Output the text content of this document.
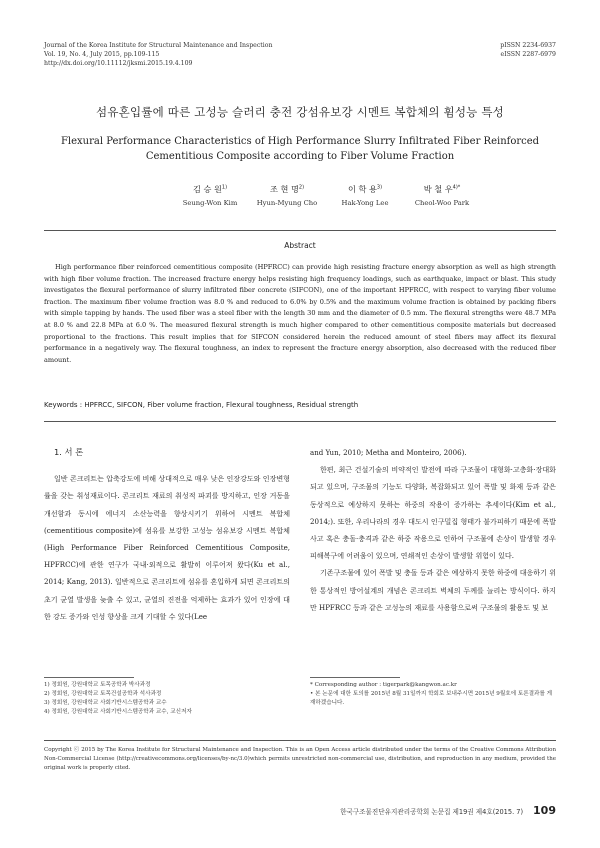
Journal of the Korea Institute for Structural Maintenance and Inspection
Vol. 19, No. 4, July 2015, pp.109-115
http://dx.doi.org/10.11112/jksmi.2015.19.4.109
pISSN 2234-6937
eISSN 2287-6979
섬유혼입률에 따른 고성능 슬러리 충전 강섬유보강 시멘트 복합체의 휨성능 특성
Flexural Performance Characteristics of High Performance Slurry Infiltrated Fiber Reinforced Cementitious Composite according to Fiber Volume Fraction
김 승 원$^{1)}$
Seung-Won Kim
조 현 명$^{2)}$
Hyun-Myung Cho
이 학 용$^{3)}$
Hak-Yong Lee
박 철 우$^{4)*}$
Cheol-Woo Park
Abstract
High performance fiber reinforced cementitious composite (HPFRCC) can provide high resisting fracture energy absorption as well as high strength with high fiber volume fraction. The increased fracture energy helps resisting high frequency loadings, such as earthquake, impact or blast. This study investigates the flexural performance of slurry infiltrated fiber concrete (SIFCON), one of the important HPFRCC, with respect to varying fiber volume fraction. The maximum fiber volume fraction was 8.0 % and reduced to 6.0% by 0.5% and the maximum volume fraction is obtained by packing fibers with simple tapping by hands. The used fiber was a steel fiber with the length 30 mm and the diameter of 0.5 mm. The flexural strengths were 48.7 MPa at 8.0 % and 22.8 MPa at 6.0 %. The measured flexural strength is much higher compared to other cementitious composite materials but decreased proportional to the fractions. This result implies that for SIFCON considered herein the reduced amount of steel fibers may affect its flexural performance in a negatively way. The flexural toughness, an index to represent the fracture energy absorption, also decreased with the reduced fiber amount.
Keywords : HPFRCC, SIFCON, Fiber volume fraction, Flexural toughness, Residual strength
1. 서 론

일반 콘크리트는 압축강도에 비해 상대적으로 매우 낮은 인장강도와 인장변형률을 갖는 취성재료이다. 콘크리트 재료의 취성적 파괴를 방지하고, 인장 거동을 개선함과 동시에 에너지 소산능력을 향상시키기 위하여 시멘트 복합체(cementitious composite)에 섬유를 보강한 고성능 섬유보강 시멘트 복합체(High Performance Fiber Reinforced Cementitious Composite, HPFRCC)에 관한 연구가 국내·외적으로 활발히 이루어져 왔다(Ku et al., 2014; Kang, 2013). 일반적으로 콘크리트에 섬유를 혼입하게 되면 콘크리트의 초기 균열 발생을 늦출 수 있고, 균열의 진전을 억제하는 효과가 있어 인장에 대한 강도 증가와 인성 향상을 크게 기대할 수 있다(Lee

and Yun, 2010; Metha and Monteiro, 2006).

한편, 최근 건설기술의 비약적인 발전에 따라 구조물이 대형화·고층화·장대화되고 있으며, 구조물의 기능도 다양화, 복잡화되고 있어 폭발 및 화재 등과 같은 동상적으로 예상하지 못하는 하중의 작용이 증가하는 추세이다(Kim et al., 2014;). 또한, 우리나라의 경우 대도시 인구밀집 형태가 불가피하기 때문에 폭발사고 혹은 충돌·충격과 같은 하중 작용으로 인하여 구조물에 손상이 발생할 경우 피해복구에 어려움이 있으며, 연쇄적인 손상이 발생할 위험이 있다.

기존구조물에 있어 폭발 및 충돌 등과 같은 예상하지 못한 하중에 대응하기 위한 통상적인 방어설계의 개념은 콘크리트 벽체의 두께를 늘리는 방식이다. 하지만 HPFRCC 등과 같은 고성능의 재료를 사용함으로써 구조물의 활용도 및 보

1) 정회원, 강원대학교 토목공학과 박사과정
2) 정회원, 강원대학교 토목건설공학과 석사과정
3) 정회원, 강원대학교 사회기반시스템공학과 교수
4) 정회원, 강원대학교 사회기반시스템공학과 교수, 교신저자
* Corresponding author : tigerpark@kangwon.ac.kr
• 본 논문에 대한 토의를 2015년 8월 31일까지 학회로 보내주시면 2015년 9월호에 토론결과를 게재하겠습니다.
Copyright ⓒ 2015 by The Korea Institute for Structural Maintenance and Inspection. This is an Open Access article distributed under the terms of the Creative Commons Attribution Non-Commercial License (http://creativecommons.org/licenses/by-nc/3.0)which permits unrestricted non-commercial use, distribution, and reproduction in any medium, provided the original work is properly cited.
한국구조물진단유지관리공학회 논문집 제19권 제4호(2015. 7) 109
